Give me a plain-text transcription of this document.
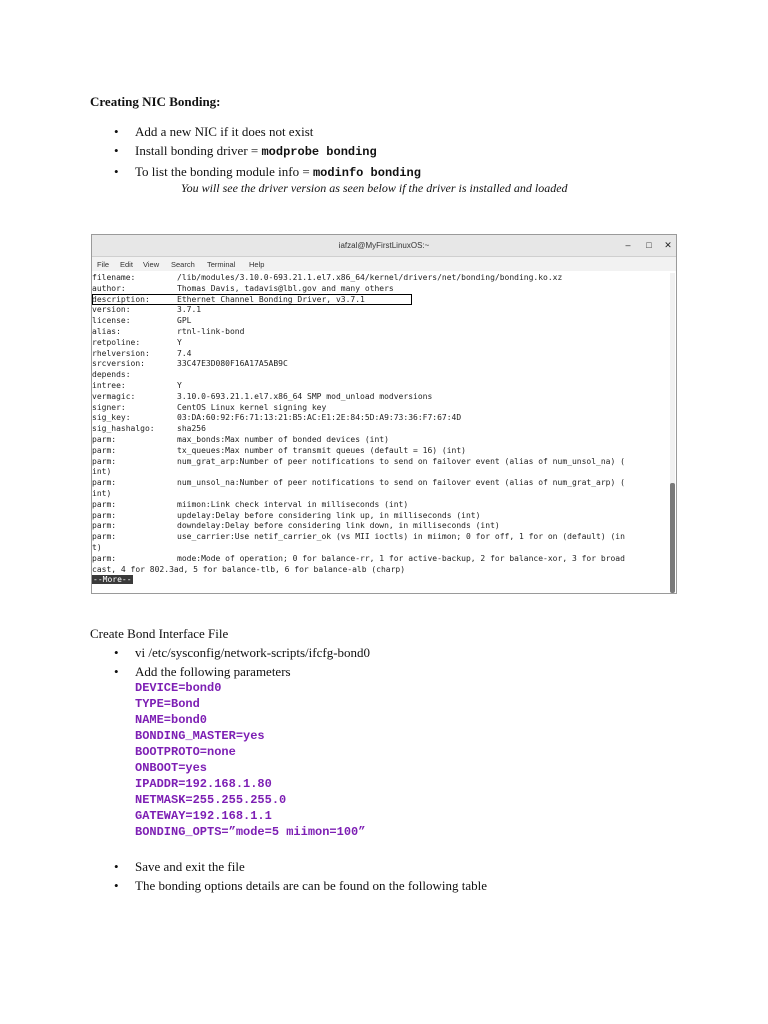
Creating NIC Bonding:
• Add a new NIC if it does not exist
• Install bonding driver = modprobe bonding
• To list the bonding module info = modinfo bonding
You will see the driver version as seen below if the driver is installed and loaded
iafzal@MyFirstLinuxOS:~	–	□	✕
File Edit View Search Terminal Help
filename:	/lib/modules/3.10.0-693.21.1.el7.x86_64/kernel/drivers/net/bonding/bonding.ko.xz
author:	Thomas Davis, tadavis@lbl.gov and many others
description:	Ethernet Channel Bonding Driver, v3.7.1
version:	3.7.1
license:	GPL
alias:	rtnl-link-bond
retpoline:	Y
rhelversion:	7.4
srcversion:	33C47E3D080F16A17A5AB9C
depends:
intree:	Y
vermagic:	3.10.0-693.21.1.el7.x86_64 SMP mod_unload modversions
signer:	CentOS Linux kernel signing key
sig_key:	03:DA:60:92:F6:71:13:21:B5:AC:E1:2E:84:5D:A9:73:36:F7:67:4D
sig_hashalgo:	sha256
parm:	max_bonds:Max number of bonded devices (int)
parm:	tx_queues:Max number of transmit queues (default = 16) (int)
parm:	num_grat_arp:Number of peer notifications to send on failover event (alias of num_unsol_na) (
int)
parm:	num_unsol_na:Number of peer notifications to send on failover event (alias of num_grat_arp) (
int)
parm:	miimon:Link check interval in milliseconds (int)
parm:	updelay:Delay before considering link up, in milliseconds (int)
parm:	downdelay:Delay before considering link down, in milliseconds (int)
parm:	use_carrier:Use netif_carrier_ok (vs MII ioctls) in miimon; 0 for off, 1 for on (default) (in
t)
parm:	mode:Mode of operation; 0 for balance-rr, 1 for active-backup, 2 for balance-xor, 3 for broad
cast, 4 for 802.3ad, 5 for balance-tlb, 6 for balance-alb (charp)
--More--
Create Bond Interface File
• vi /etc/sysconfig/network-scripts/ifcfg-bond0
• Add the following parameters
DEVICE=bond0
TYPE=Bond
NAME=bond0
BONDING_MASTER=yes
BOOTPROTO=none
ONBOOT=yes
IPADDR=192.168.1.80
NETMASK=255.255.255.0
GATEWAY=192.168.1.1
BONDING_OPTS=”mode=5 miimon=100”
• Save and exit the file
• The bonding options details are can be found on the following table
